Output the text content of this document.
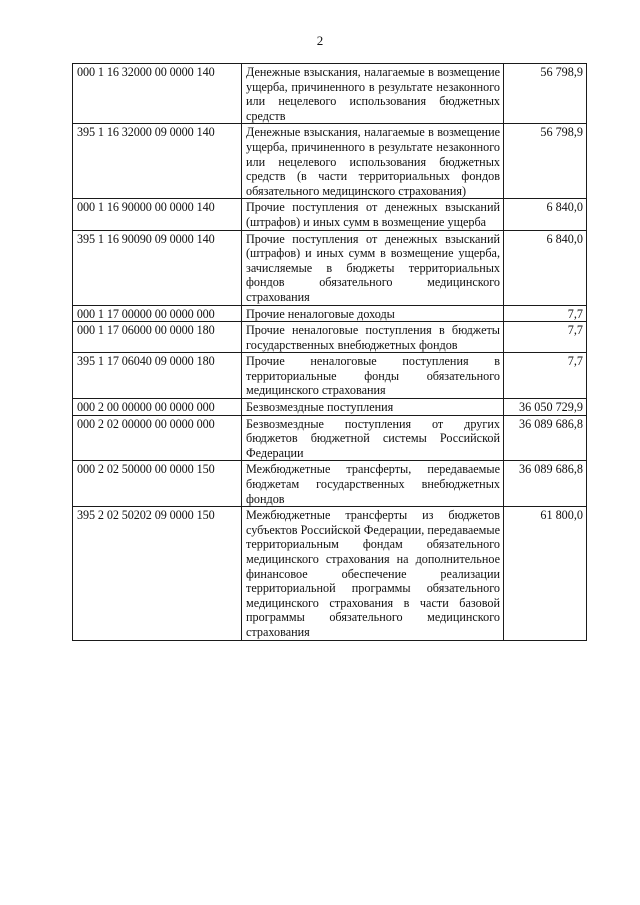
2
000 1 16 32000 00 0000 140	Денежные взыскания, налагаемые в возмещение ущерба, причиненного в результате незаконного или нецелевого использования бюджетных средств	56 798,9
395 1 16 32000 09 0000 140	Денежные взыскания, налагаемые в возмещение ущерба, причиненного в результате незаконного или нецелевого использования бюджетных средств (в части территориальных фондов обязательного медицинского страхования)	56 798,9
000 1 16 90000 00 0000 140	Прочие поступления от денежных взысканий (штрафов) и иных сумм в возмещение ущерба	6 840,0
395 1 16 90090 09 0000 140	Прочие поступления от денежных взысканий (штрафов) и иных сумм в возмещение ущерба, зачисляемые в бюджеты территориальных фондов обязательного медицинского страхования	6 840,0
000 1 17 00000 00 0000 000	Прочие неналоговые доходы	7,7
000 1 17 06000 00 0000 180	Прочие неналоговые поступления в бюджеты государственных внебюджетных фондов	7,7
395 1 17 06040 09 0000 180	Прочие неналоговые поступления в территориальные фонды обязательного медицинского страхования	7,7
000 2 00 00000 00 0000 000	Безвозмездные поступления	36 050 729,9
000 2 02 00000 00 0000 000	Безвозмездные поступления от других бюджетов бюджетной системы Российской Федерации	36 089 686,8
000 2 02 50000 00 0000 150	Межбюджетные трансферты, передаваемые бюджетам государственных внебюджетных фондов	36 089 686,8
395 2 02 50202 09 0000 150	Межбюджетные трансферты из бюджетов субъектов Российской Федерации, передаваемые территориальным фондам обязательного медицинского страхования на дополнительное финансовое обеспечение реализации территориальной программы обязательного медицинского страхования в части базовой программы обязательного медицинского страхования	61 800,0
